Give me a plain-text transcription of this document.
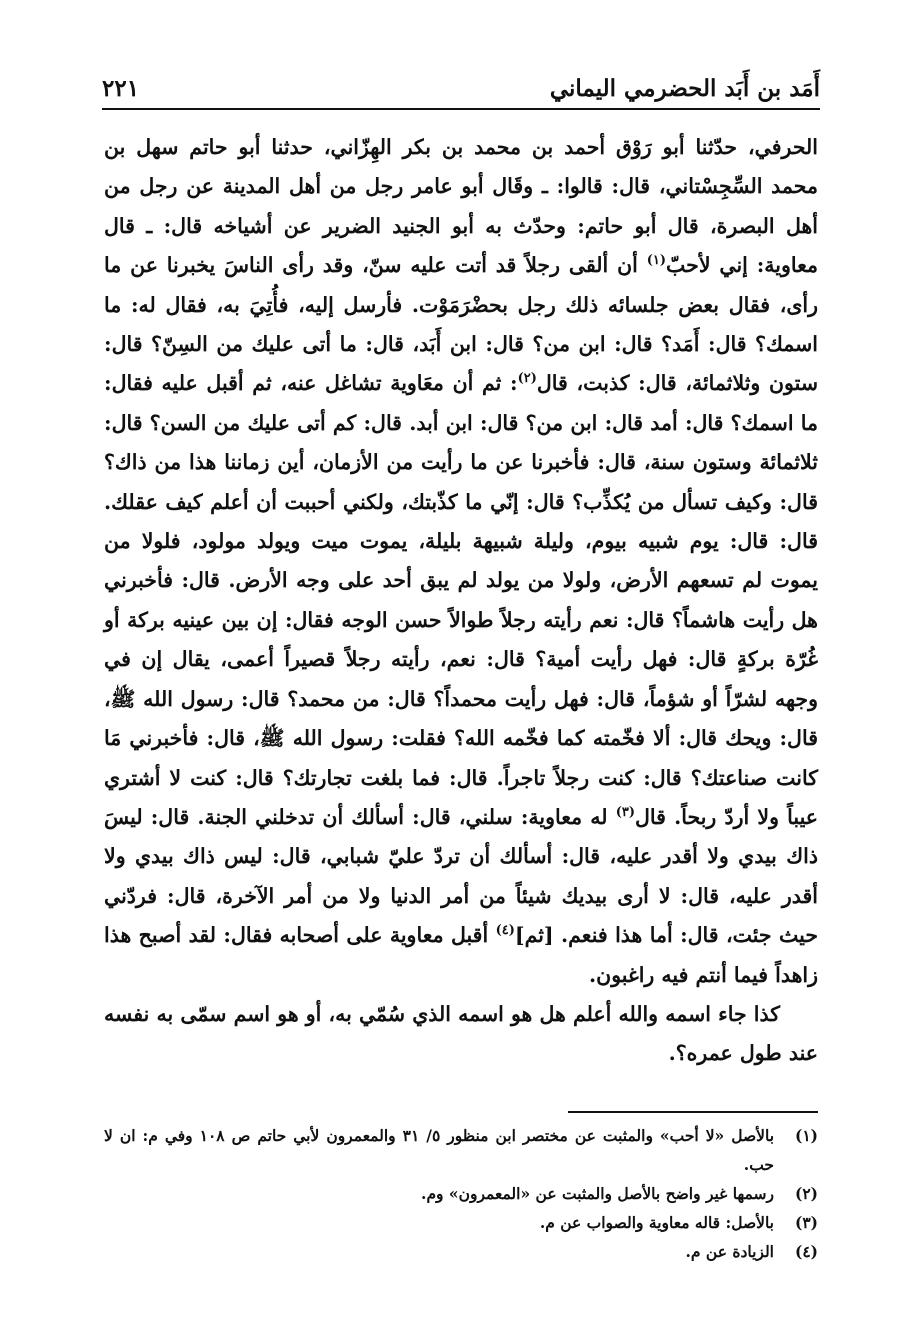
أَمَد بن أَبَد الحضرمي اليماني
٢٢١

الحرفي، حدّثنا أبو رَوْق أحمد بن محمد بن بكر الهِزّاني، حدثنا أبو حاتم سهل بن محمد السِّجِسْتاني، قال: قالوا: ـ وقَال أبو عامر رجل من أهل المدينة عن رجل من أهل البصرة، قال أبو حاتم: وحدّث به أبو الجنيد الضرير عن أشياخه قال: ـ قال معاوية: إني لأحبّ$^{(١)}$ أن ألقى رجلاً قد أتت عليه سنّ، وقد رأى الناسَ يخبرنا عن ما رأى، فقال بعض جلسائه ذلك رجل بحضْرَمَوْت. فأرسل إليه، فأُتِيَ به، فقال له: ما اسمك؟ قال: أَمَد؟ قال: ابن من؟ قال: ابن أَبَد، قال: ما أتى عليك من السِنّ؟ قال: ستون وثلاثمائة، قال: كذبت، قال$^{(٢)}$: ثم أن معَاوية تشاغل عنه، ثم أقبل عليه فقال: ما اسمك؟ قال: أمد قال: ابن من؟ قال: ابن أبد. قال: كم أتى عليك من السن؟ قال: ثلاثمائة وستون سنة، قال: فأخبرنا عن ما رأيت من الأزمان، أين زماننا هذا من ذاك؟ قال: وكيف تسأل من يُكذِّب؟ قال: إنّي ما كذّبتك، ولكني أحببت أن أعلم كيف عقلك. قال: قال: يوم شبيه بيوم، وليلة شبيهة بليلة، يموت ميت ويولد مولود، فلولا من يموت لم تسعهم الأرض، ولولا من يولد لم يبق أحد على وجه الأرض. قال: فأخبرني هل رأيت هاشماً؟ قال: نعم رأيته رجلاً طوالاً حسن الوجه فقال: إن بين عينيه بركة أو غُرّة بركةٍ قال: فهل رأيت أمية؟ قال: نعم، رأيته رجلاً قصيراً أعمى، يقال إن في وجهه لشرّاً أو شؤماً، قال: فهل رأيت محمداً؟ قال: من محمد؟ قال: رسول الله ﷺ، قال: ويحك قال: ألا فخّمته كما فخّمه الله؟ فقلت: رسول الله ﷺ، قال: فأخبرني مَا كانت صناعتك؟ قال: كنت رجلاً تاجراً. قال: فما بلغت تجارتك؟ قال: كنت لا أشتري عيباً ولا أردّ ربحاً. قال$^{(٣)}$ له معاوية: سلني، قال: أسألك أن تدخلني الجنة. قال: ليسَ ذاك بيدي ولا أقدر عليه، قال: أسألك أن تردّ عليّ شبابي، قال: ليس ذاك بيدي ولا أقدر عليه، قال: لا أرى بيديك شيئاً من أمر الدنيا ولا من أمر الآخرة، قال: فردّني حيث جئت، قال: أما هذا فنعم. [ثم]$^{(٤)}$ أقبل معاوية على أصحابه فقال: لقد أصبح هذا زاهداً فيما أنتم فيه راغبون.

كذا جاء اسمه والله أعلم هل هو اسمه الذي سُمّي به، أو هو اسم سمّى به نفسه عند طول عمره؟.

(١)
بالأصل «لا أحب» والمثبت عن مختصر ابن منظور ٥/ ٣١ والمعمرون لأبي حاتم ص ١٠٨ وفي م: ان لا حب.
(٢)
رسمها غير واضح بالأصل والمثبت عن «المعمرون» وم.
(٣)
بالأصل: قاله معاوية والصواب عن م.
(٤)
الزيادة عن م.
